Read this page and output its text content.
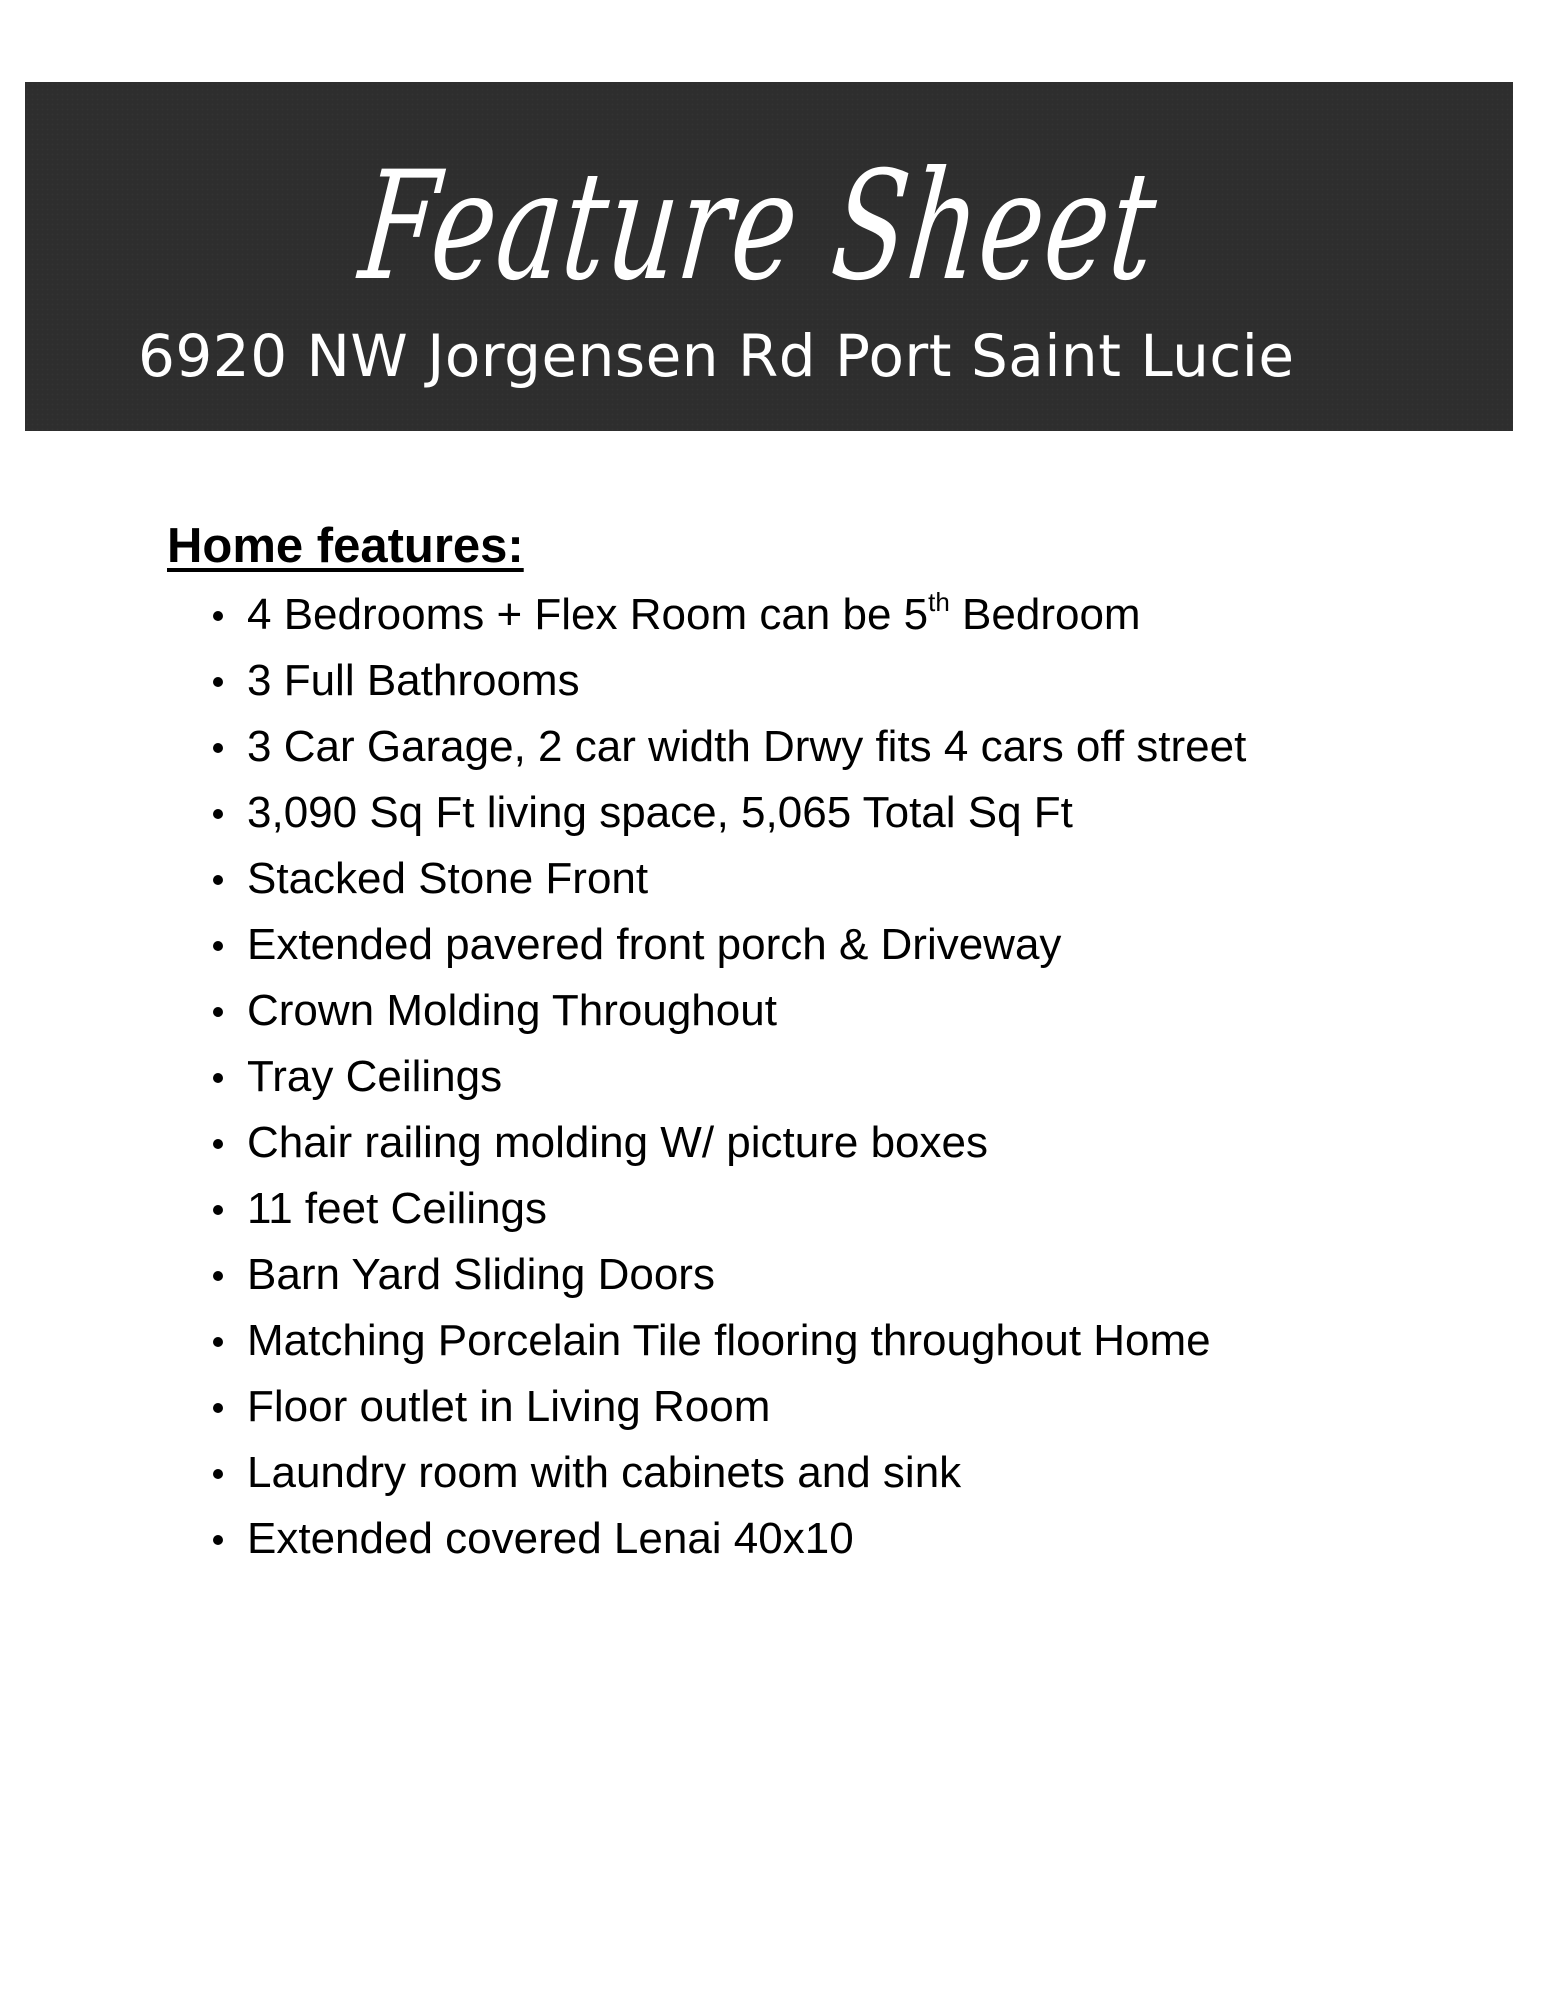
Feature Sheet
6920 NW Jorgensen Rd Port Saint Lucie
Home features:
4 Bedrooms + Flex Room can be 5th Bedroom
3 Full Bathrooms
3 Car Garage, 2 car width Drwy fits 4 cars off street
3,090 Sq Ft living space, 5,065 Total Sq Ft
Stacked Stone Front
Extended pavered front porch & Driveway
Crown Molding Throughout
Tray Ceilings
Chair railing molding W/ picture boxes
11 feet Ceilings
Barn Yard Sliding Doors
Matching Porcelain Tile flooring throughout Home
Floor outlet in Living Room
Laundry room with cabinets and sink
Extended covered Lenai 40x10
